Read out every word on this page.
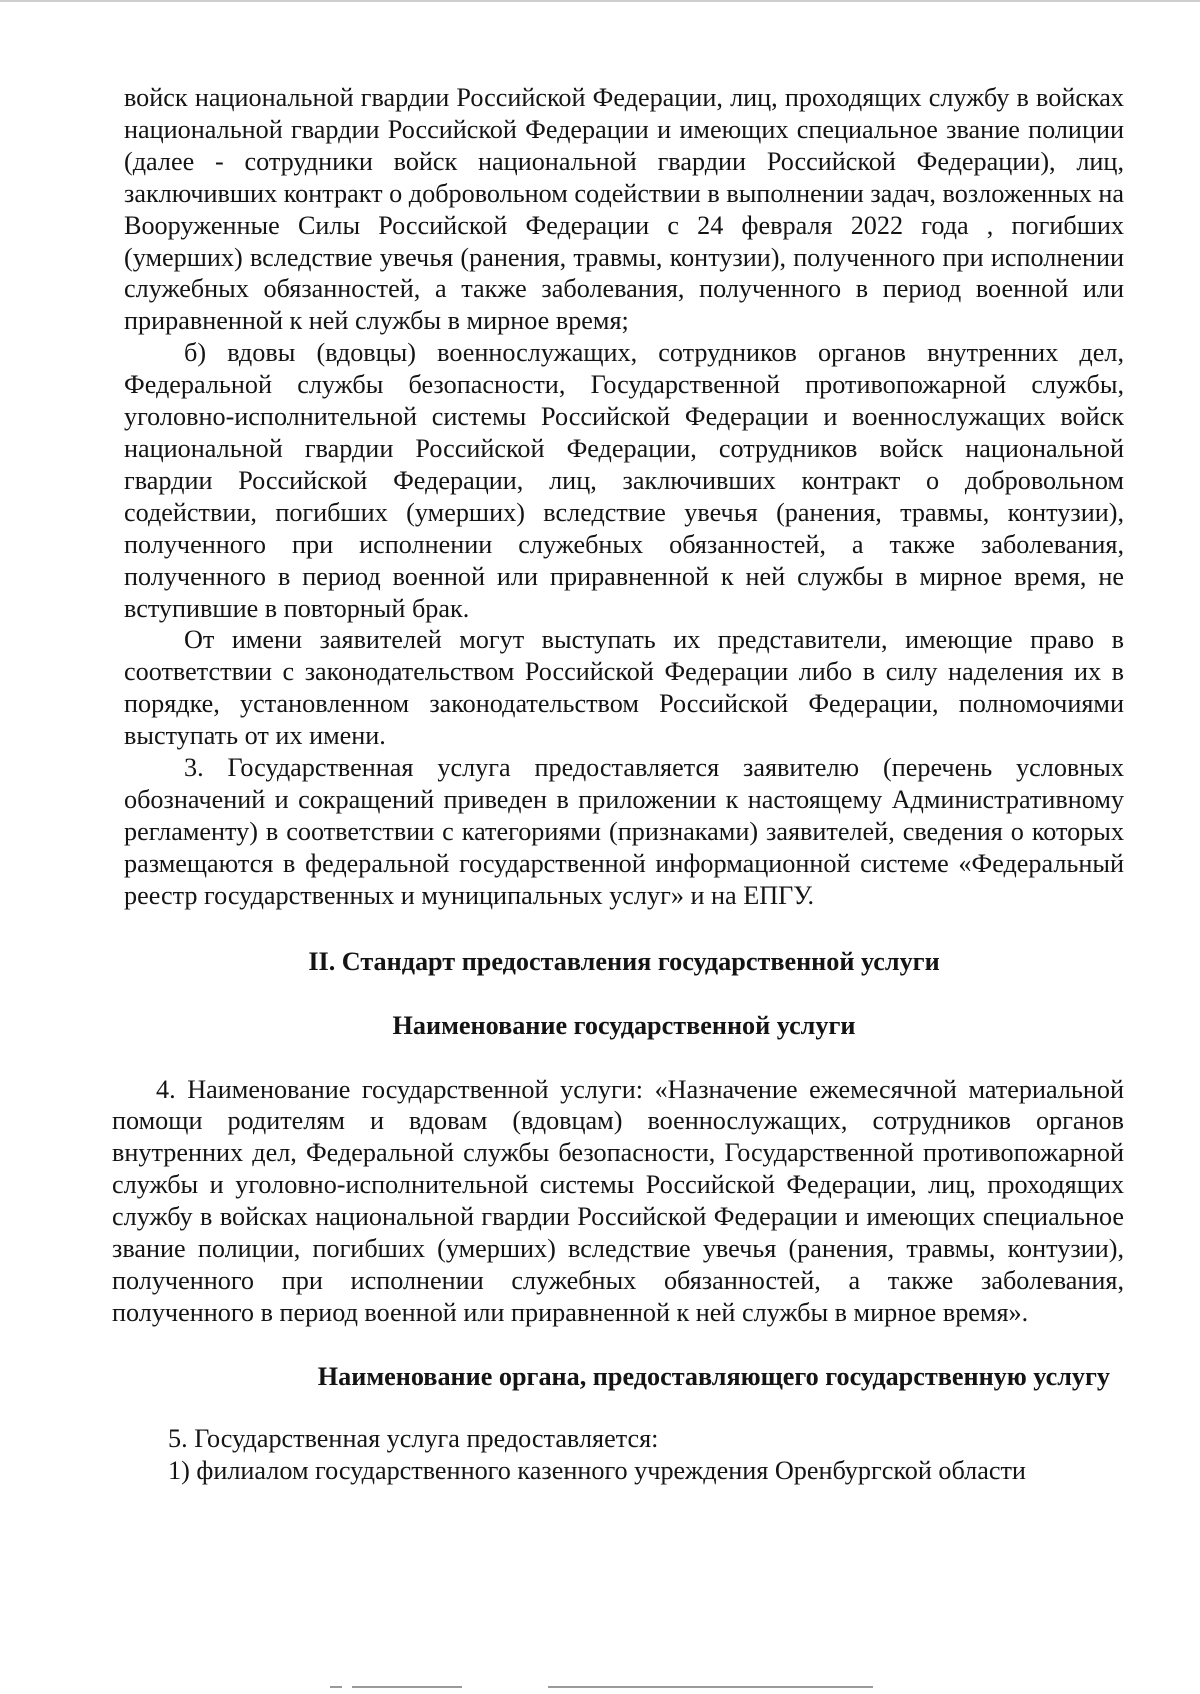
войск национальной гвардии Российской Федерации, лиц, проходящих службу в войсках национальной гвардии Российской Федерации и имеющих специальное звание полиции (далее - сотрудники войск национальной гвардии Российской Федерации), лиц, заключивших контракт о добровольном содействии в выполнении задач, возложенных на Вооруженные Силы Российской Федерации с 24 февраля 2022 года , погибших (умерших) вследствие увечья (ранения, травмы, контузии), полученного при исполнении служебных обязанностей, а также заболевания, полученного в период военной или приравненной к ней службы в мирное время;

б) вдовы (вдовцы) военнослужащих, сотрудников органов внутренних дел, Федеральной службы безопасности, Государственной противопожарной службы, уголовно-исполнительной системы Российской Федерации и военнослужащих войск национальной гвардии Российской Федерации, сотрудников войск национальной гвардии Российской Федерации, лиц, заключивших контракт о добровольном содействии, погибших (умерших) вследствие увечья (ранения, травмы, контузии), полученного при исполнении служебных обязанностей, а также заболевания, полученного в период военной или приравненной к ней службы в мирное время, не вступившие в повторный брак.

От имени заявителей могут выступать их представители, имеющие право в соответствии с законодательством Российской Федерации либо в силу наделения их в порядке, установленном законодательством Российской Федерации, полномочиями выступать от их имени.

3. Государственная услуга предоставляется заявителю (перечень условных обозначений и сокращений приведен в приложении к настоящему Административному регламенту) в соответствии с категориями (признаками) заявителей, сведения о которых размещаются в федеральной государственной информационной системе «Федеральный реестр государственных и муниципальных услуг» и на ЕПГУ.

II. Стандарт предоставления государственной услуги
Наименование государственной услуги

4. Наименование государственной услуги: «Назначение ежемесячной материальной помощи родителям и вдовам (вдовцам) военнослужащих, сотрудников органов внутренних дел, Федеральной службы безопасности, Государственной противопожарной службы и уголовно-исполнительной системы Российской Федерации, лиц, проходящих службу в войсках национальной гвардии Российской Федерации и имеющих специальное звание полиции, погибших (умерших) вследствие увечья (ранения, травмы, контузии), полученного при исполнении служебных обязанностей, а также заболевания, полученного в период военной или приравненной к ней службы в мирное время».

Наименование органа, предоставляющего государственную услугу

5. Государственная услуга предоставляется:

1) филиалом государственного казенного учреждения Оренбургской области
